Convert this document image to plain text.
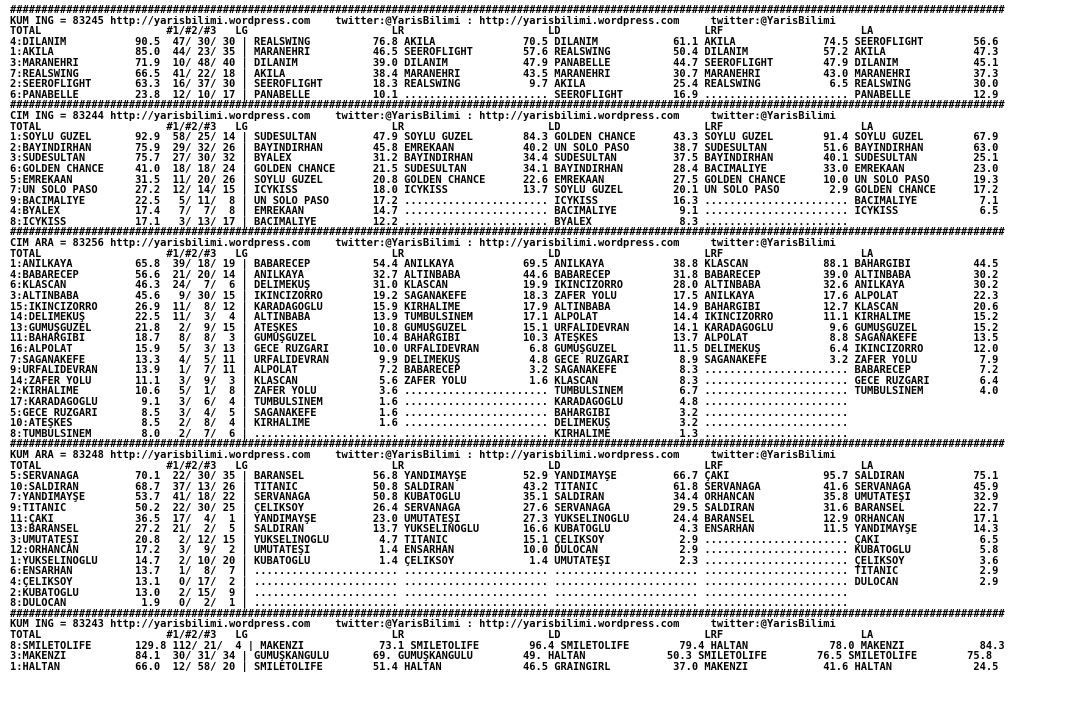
###############################################################################################################################################################
KUM ING = 83245 http://yarisbilimi.wordpress.com    twitter:@YarisBilimi : http://yarisbilimi.wordpress.com     twitter:@YarisBilimi
TOTAL                    #1/#2/#3   LG                       LR                       LD                       LRF                      LA
4:DİLANIM           90.5  47/ 30/ 30 | REALSWING          76.8 AKİLA              70.5 DİLANIM            61.1 AKİLA              74.5 SEEROFLIGHT        56.6
1:AKİLA             85.0  44/ 23/ 35 | MARANEHRİ          46.5 SEEROFLIGHT        57.6 REALSWING          50.4 DİLANIM            57.2 AKİLA              47.3
3:MARANEHRİ         71.9  10/ 48/ 40 | DİLANIM            39.0 DİLANIM            47.9 PANABELLE          44.7 SEEROFLIGHT        47.9 DİLANIM            45.1
7:REALSWING         66.5  41/ 22/ 18 | AKİLA              38.4 MARANEHRİ          43.5 MARANEHRİ          30.7 MARANEHRİ          43.0 MARANEHRİ          37.3
2:SEEROFLIGHT       63.3  16/ 37/ 30 | SEEROFLIGHT        18.3 REALSWING           9.7 AKİLA              25.4 REALSWING           6.5 REALSWING          30.0
6:PANABELLE         23.8  12/ 10/ 17 | PANABELLE          10.1 ....................... SEEROFLIGHT        16.9 ....................... PANABELLE          12.9
###############################################################################################################################################################
CIM ING = 83244 http://yarisbilimi.wordpress.com    twitter:@YarisBilimi : http://yarisbilimi.wordpress.com     twitter:@YarisBilimi
TOTAL                    #1/#2/#3   LG                       LR                       LD                       LRF                      LA
1:SOYLU GÜZEL       92.9  58/ 25/ 14 | SUDESULTAN         47.9 SOYLU GÜZEL        84.3 GOLDEN CHANCE      43.3 SOYLU GÜZEL        91.4 SOYLU GÜZEL        67.9
2:BAYINDIRHAN       75.9  29/ 32/ 26 | BAYINDIRHAN        45.8 EMREKAAN           40.2 UN SOLO PASO       38.7 SUDESULTAN         51.6 BAYINDIRHAN        63.0
3:SUDESULTAN        75.7  27/ 30/ 32 | BYALEX             31.2 BAYINDIRHAN        34.4 SUDESULTAN         37.5 BAYINDIRHAN        40.1 SUDESULTAN         25.1
6:GOLDEN CHANCE     41.0  18/ 18/ 24 | GOLDEN CHANCE      21.5 SUDESULTAN         34.1 BAYINDIRHAN        28.4 BACIMALİYE         33.0 EMREKAAN           23.0
5:EMREKAAN          31.5  11/ 20/ 26 | SOYLU GÜZEL        20.8 GOLDEN CHANCE      22.6 EMREKAAN           27.5 GOLDEN CHANCE      10.0 UN SOLO PASO       19.3
7:UN SOLO PASO      27.2  12/ 14/ 15 | ICYKISS            18.0 ICYKISS            13.7 SOYLU GÜZEL        20.1 UN SOLO PASO        2.9 GOLDEN CHANCE      17.2
9:BACIMALİYE        22.5   5/ 11/  8 | UN SOLO PASO       17.2 ....................... ICYKISS            16.3 ....................... BACIMALİYE          7.1
4:BYALEX            17.4   7/  7/  8 | EMREKAAN           14.7 ....................... BACIMALİYE          9.1 ....................... ICYKISS             6.5
8:ICYKISS           17.1   3/ 13/ 17 | BACIMALİYE         12.2 ....................... BYALEX              8.3 .......................
###############################################################################################################################################################
CIM ARA = 83256 http://yarisbilimi.wordpress.com    twitter:@YarisBilimi : http://yarisbilimi.wordpress.com     twitter:@YarisBilimi
TOTAL                    #1/#2/#3   LG                       LR                       LD                       LRF                      LA
1:ANILKAYA          65.8  39/ 18/ 19 | BABARECEP          54.4 ANILKAYA           69.5 ANILKAYA           38.8 KLASCAN            88.1 BAHARGİBİ          44.5
4:BABARECEP         56.6  21/ 20/ 14 | ANILKAYA           32.7 ALTINBABA          44.6 BABARECEP          31.8 BABARECEP          39.0 ALTINBABA          30.2
6:KLASCAN           46.3  24/  7/  6 | DELİMEKUŞ          31.0 KLASCAN            19.9 İKİNCİZORRO        28.0 ALTINBABA          32.6 ANILKAYA           30.2
3:ALTINBABA         45.6   9/ 30/ 15 | İKİNCİZORRO        19.2 SAĞANAKEFE         18.3 ZAFER YOLU         17.5 ANILKAYA           17.6 ALPOLAT            22.3
15:İKİNCİZORRO      26.9  11/  8/ 12 | KARADAĞOĞLU        15.9 KIRHALİME          17.9 ALTINBABA          14.9 BAHARGİBİ          12.7 KLASCAN            20.6
14:DELİMEKUŞ        22.5  11/  3/  4 | ALTINBABA          13.9 TUMBULSİNEM        17.1 ALPOLAT            14.4 İKİNCİZORRO        11.1 KIRHALİME          15.2
13:GÜMÜŞGÜZEL       21.8   2/  9/ 15 | ATEŞKES            10.8 GÜMÜŞGÜZEL         15.1 URFALIDEVRAN       14.1 KARADAĞOĞLU         9.6 GÜMÜŞGÜZEL         15.2
11:BAHARGİBİ        18.7   8/  8/  3 | GÜMÜŞGÜZEL         10.4 BAHARGİBİ          10.3 ATEŞKES            13.7 ALPOLAT             8.8 SAĞANAKEFE         13.5
16:ALPOLAT          15.9   5/  3/ 13 | GECE RÜZGARI       10.0 URFALIDEVRAN        6.8 GÜMÜŞGÜZEL         11.5 DELİMEKUŞ           6.4 İKİNCİZORRO        12.0
7:SAĞANAKEFE        13.3   4/  5/ 11 | URFALIDEVRAN        9.9 DELİMEKUŞ           4.8 GECE RÜZGARI        8.9 SAĞANAKEFE          3.2 ZAFER YOLU          7.9
9:URFALIDEVRAN      13.9   1/  7/ 11 | ALPOLAT             7.2 BABARECEP           3.2 SAĞANAKEFE          8.3 ....................... BABARECEP           7.2
14:ZAFER YOLU       11.1   3/  9/  3 | KLASCAN             5.6 ZAFER YOLU          1.6 KLASCAN             8.3 ....................... GECE RÜZGARI        6.4
2:KIRHALİME         10.6   5/  1/  8 | ZAFER YOLU          3.6 ....................... TUMBULSİNEM         6.7 ....................... TUMBULSİNEM         4.0
17:KARADAĞOĞLU       9.1   3/  6/  4 | TUMBULSİNEM         1.6 ....................... KARADAĞOĞLU         4.8 .......................
5:GECE RÜZGARI       8.5   3/  4/  5 | SAĞANAKEFE          1.6 ....................... BAHARGİBİ           3.2 .......................
10:ATEŞKES           8.5   2/  8/  4 | KIRHALİME           1.6 ....................... DELİMEKUŞ           3.2 .......................
8:TUMBULSİNEM        8.0   2/  7/  6 | ....................... ....................... KIRHALİME           1.3 .......................
###############################################################################################################################################################
KUM ARA = 83248 http://yarisbilimi.wordpress.com    twitter:@YarisBilimi : http://yarisbilimi.wordpress.com     twitter:@YarisBilimi
TOTAL                    #1/#2/#3   LG                       LR                       LD                       LRF                      LA
5:SERVANAĞA         70.1  22/ 30/ 35 | BARANSEL           56.8 YANDIMAYŞE         52.9 YANDIMAYŞE         66.7 ÇAKI               95.7 SALDIRAN           75.1
10:SALDIRAN         68.7  37/ 13/ 26 | TİTANİC            50.8 SALDIRAN           43.2 TİTANİC            61.8 SERVANAĞA          41.6 SERVANAĞA          45.9
7:YANDIMAYŞE        53.7  41/ 18/ 22 | SERVANAĞA          50.8 KUBATOĞLU          35.1 SALDIRAN           34.4 ORHANCAN           35.8 UMUTATEŞİ          32.9
9:TİTANİC           50.2  22/ 30/ 25 | ÇELİKSOY           26.4 SERVANAĞA          27.6 SERVANAĞA          29.5 SALDIRAN           31.6 BARANSEL           22.7
11:ÇAKI             36.5  17/  4/  1 | YANDIMAYŞE         23.0 UMUTATEŞİ          27.3 YÜKSELİNOĞLU       24.4 BARANSEL           12.9 ORHANCAN           17.1
13:BARANSEL         27.2  21/  2/  5 | SALDIRAN           13.7 YÜKSELİNOĞLU       16.6 KUBATOĞLU           4.3 ENSARHAN           11.5 YANDIMAYŞE         14.3
3:UMUTATEŞİ         20.8   2/ 12/ 15 | YÜKSELİNOĞLU        4.7 TİTANİC            15.1 ÇELİKSOY            2.9 ....................... ÇAKI                6.5
12:ORHANCAN         17.2   3/  9/  2 | UMUTATEŞİ           1.4 ENSARHAN           10.0 DULOCAN             2.9 ....................... KUBATOĞLU           5.8
1:YÜKSELİNOĞLU      14.7   2/ 10/ 20 | KUBATOĞLU           1.4 ÇELİKSOY            1.4 UMUTATEŞİ           2.3 ....................... ÇELİKSOY            3.6
6:ENSARHAN          13.7   1/  8/  7 | ....................... ....................... ....................... ....................... TİTANİC             2.9
4:ÇELİKSOY          13.1   0/ 17/  2 | ....................... ....................... ....................... ....................... DULOCAN             2.9
2:KUBATOĞLU         13.0   2/ 15/  9 | ....................... ....................... ....................... .......................
8:DULOCAN            1.9   0/  2/  1 | ....................... ....................... ....................... .......................
###############################################################################################################################################################
KUM ING = 83243 http://yarisbilimi.wordpress.com    twitter:@YarisBilimi : http://yarisbilimi.wordpress.com     twitter:@YarisBilimi
TOTAL                    #1/#2/#3   LG                       LR                       LD                       LRF                      LA
8:SMILETOLIFE       129.8 112/ 21/  4 | MAKENZİ            73.1 SMILETOLIFE        96.4 SMILETOLIFE        79.4 HALTAN             78.0 MAKENZİ            84.3
3:MAKENZI           84.1  30/ 31/ 34 | GÜMÜŞKANGÜLÜ       69. GÜMÜŞKANGÜLÜ        49. HALTAN             50.3 SMILETOLIFE        76.5 SMILETOLIFE        75.8
1:HALTAN            66.0  12/ 58/ 20 | SMILETOLIFE        51.4 HALTAN             46.5 GRAINGIRL          37.0 MAKENZİ            41.6 HALTAN             24.5
